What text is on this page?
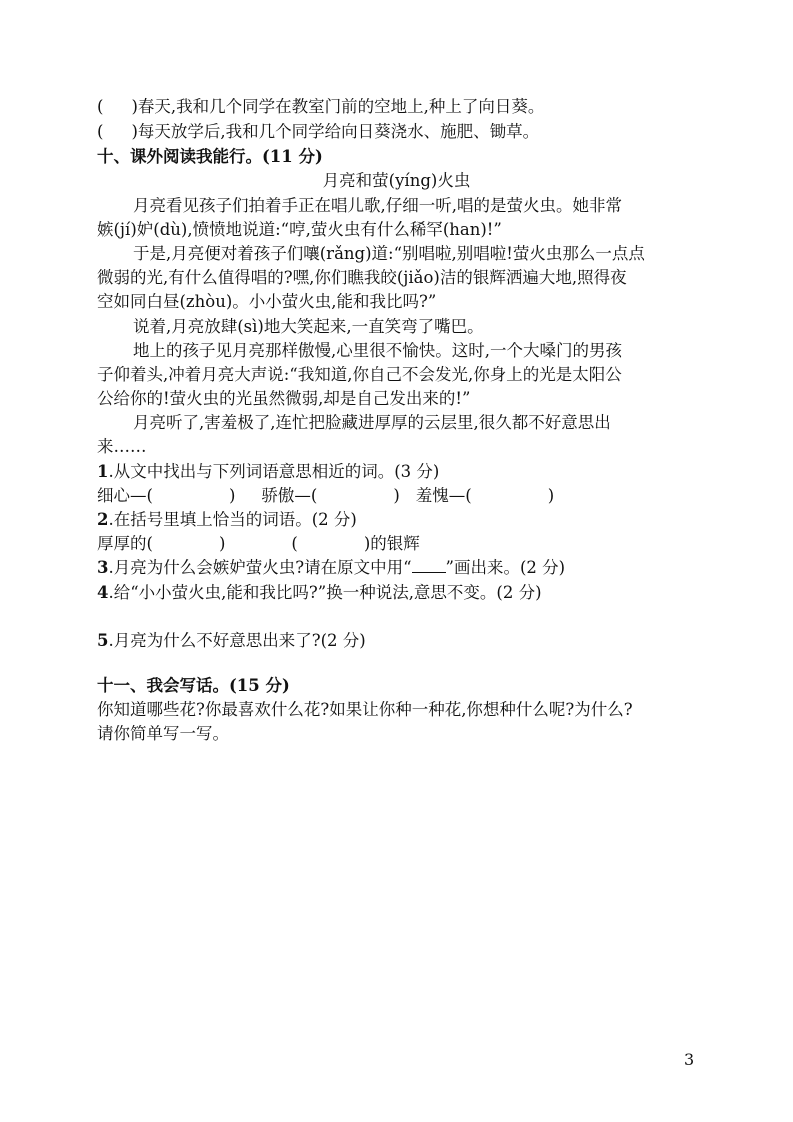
( )春天,我和几个同学在教室门前的空地上,种上了向日葵。
( )每天放学后,我和几个同学给向日葵浇水、施肥、锄草。
十、课外阅读我能行。(11 分)
月亮和萤(yíng)火虫
月亮看见孩子们拍着手正在唱儿歌,仔细一听,唱的是萤火虫。她非常
嫉(jí)妒(dù),愤愤地说道:“哼,萤火虫有什么稀罕(han)!”
于是,月亮便对着孩子们嚷(rǎng)道:“别唱啦,别唱啦!萤火虫那么一点点
微弱的光,有什么值得唱的?嘿,你们瞧我皎(jiǎo)洁的银辉洒遍大地,照得夜
空如同白昼(zhòu)。小小萤火虫,能和我比吗?”
说着,月亮放肆(sì)地大笑起来,一直笑弯了嘴巴。
地上的孩子见月亮那样傲慢,心里很不愉快。这时,一个大嗓门的男孩
子仰着头,冲着月亮大声说:“我知道,你自己不会发光,你身上的光是太阳公
公给你的!萤火虫的光虽然微弱,却是自己发出来的!”
月亮听了,害羞极了,连忙把脸藏进厚厚的云层里,很久都不好意思出
来……
1.从文中找出与下列词语意思相近的词。(3 分)
细心—(	) 骄傲—(	) 羞愧—(	)
2.在括号里填上恰当的词语。(2 分)
厚厚的(	)	(	)的银辉
3.月亮为什么会嫉妒萤火虫?请在原文中用“ ”画出来。(2 分)
4.给“小小萤火虫,能和我比吗?”换一种说法,意思不变。(2 分)
5.月亮为什么不好意思出来了?(2 分)
十一、我会写话。(15 分)
你知道哪些花?你最喜欢什么花?如果让你种一种花,你想种什么呢?为什么?
请你简单写一写。
3
